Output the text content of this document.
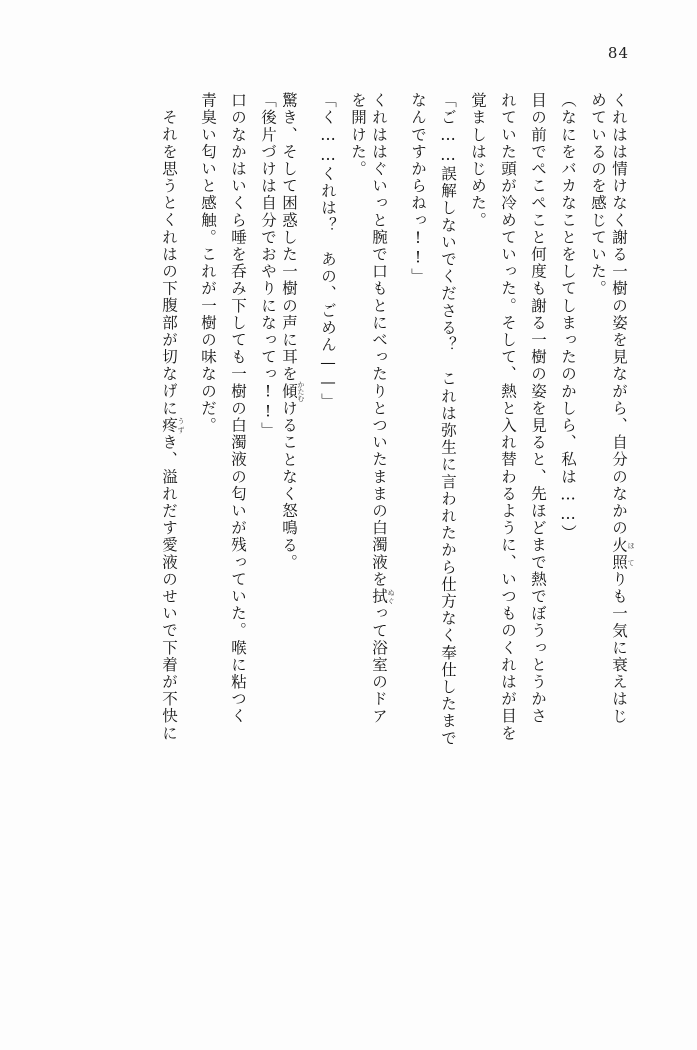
84
くれはは情けなく謝る一樹の姿を見ながら、自分のなかの火照 ほてりも一気に衰えはじ
めているのを感じていた。
（なにをバカなことをしてしまったのかしら、私は……）
目の前でぺこぺこと何度も謝る一樹の姿を見ると、先ほどまで熱でぼうっとうかさ
れていた頭が冷めていった。そして、熱と入れ替わるように、いつものくれはが目を
覚ましはじめた。
「ご……誤解しないでくださる？　これは弥生に言われたから仕方なく奉仕したまで
なんですからねっ!!」
くれははぐいっと腕で口もとにべったりとついたままの白濁液を拭 ぬぐって浴室のドア
を開けた。
「く……くれは？　あの、ごめん——」
驚き、そして困惑した一樹の声に耳を傾 かたむけることなく怒鳴る。
「後片づけは自分でおやりになってっ!!」
口のなかはいくら唾を呑み下しても一樹の白濁液の匂いが残っていた。喉に粘つく
青臭い匂いと感触。これが一樹の味なのだ。
それを思うとくれはの下腹部が切なげに疼 うずき、溢れだす愛液のせいで下着が不快に
